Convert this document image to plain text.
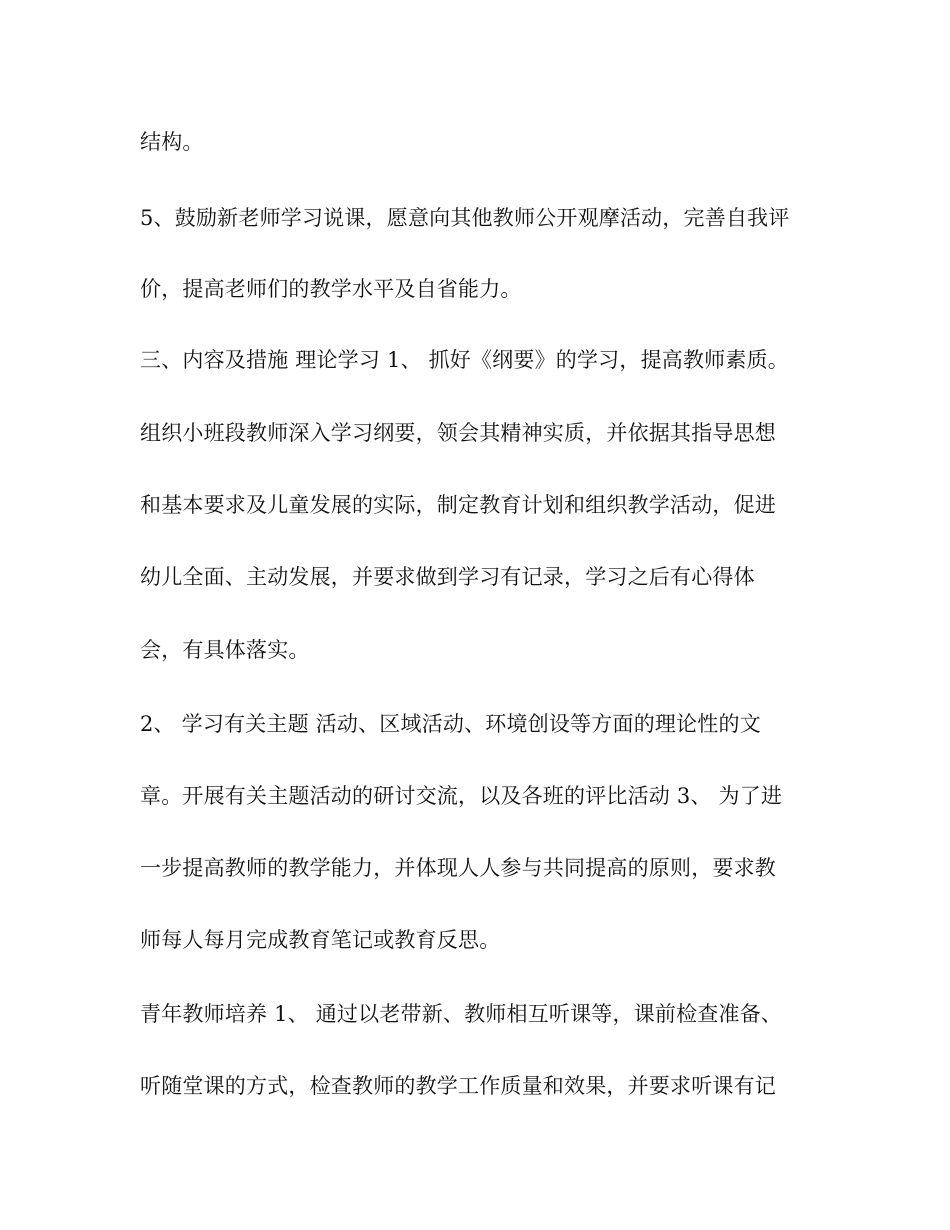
结构。
5、鼓励新老师学习说课，愿意向其他教师公开观摩活动，完善自我评
价，提高老师们的教学水平及自省能力。
三、内容及措施 理论学习 1、 抓好《纲要》的学习，提高教师素质。
组织小班段教师深入学习纲要，领会其精神实质，并依据其指导思想
和基本要求及儿童发展的实际，制定教育计划和组织教学活动，促进
幼儿全面、主动发展，并要求做到学习有记录，学习之后有心得体
会，有具体落实。
2、 学习有关主题 活动、区域活动、环境创设等方面的理论性的文
章。开展有关主题活动的研讨交流，以及各班的评比活动 3、 为了进
一步提高教师的教学能力，并体现人人参与共同提高的原则，要求教
师每人每月完成教育笔记或教育反思。
青年教师培养 1、 通过以老带新、教师相互听课等，课前检查准备、
听随堂课的方式，检查教师的教学工作质量和效果，并要求听课有记
